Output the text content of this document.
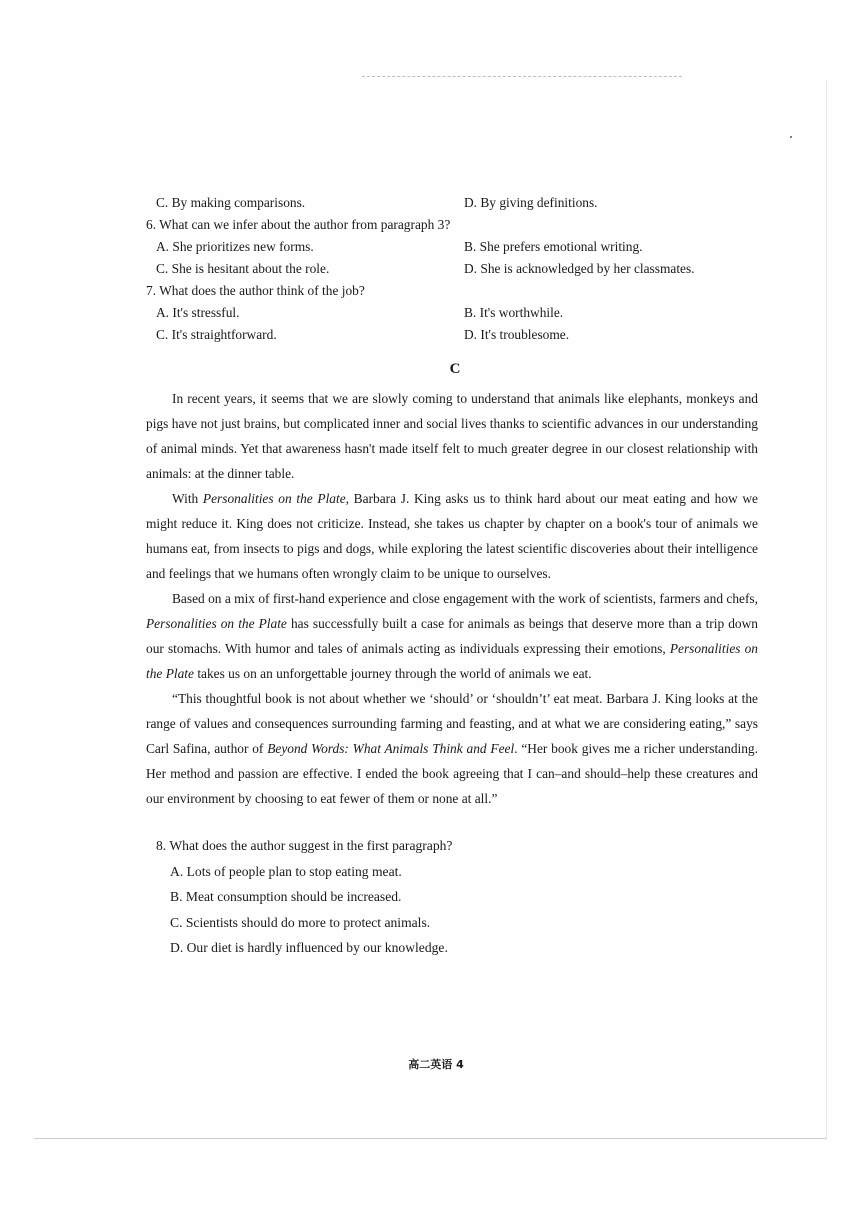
C. By making comparisons.	D. By giving definitions.
6. What can we infer about the author from paragraph 3?
A. She prioritizes new forms.	B. She prefers emotional writing.
C. She is hesitant about the role.	D. She is acknowledged by her classmates.
7. What does the author think of the job?
A. It's stressful.	B. It's worthwhile.
C. It's straightforward.	D. It's troublesome.
C

In recent years, it seems that we are slowly coming to understand that animals like elephants, monkeys and pigs have not just brains, but complicated inner and social lives thanks to scientific advances in our understanding of animal minds. Yet that awareness hasn't made itself felt to much greater degree in our closest relationship with animals: at the dinner table.

With Personalities on the Plate, Barbara J. King asks us to think hard about our meat eating and how we might reduce it. King does not criticize. Instead, she takes us chapter by chapter on a book's tour of animals we humans eat, from insects to pigs and dogs, while exploring the latest scientific discoveries about their intelligence and feelings that we humans often wrongly claim to be unique to ourselves.

Based on a mix of first-hand experience and close engagement with the work of scientists, farmers and chefs, Personalities on the Plate has successfully built a case for animals as beings that deserve more than a trip down our stomachs. With humor and tales of animals acting as individuals expressing their emotions, Personalities on the Plate takes us on an unforgettable journey through the world of animals we eat.

“This thoughtful book is not about whether we ‘should’ or ‘shouldn’t’ eat meat. Barbara J. King looks at the range of values and consequences surrounding farming and feasting, and at what we are considering eating,” says Carl Safina, author of Beyond Words: What Animals Think and Feel. “Her book gives me a richer understanding. Her method and passion are effective. I ended the book agreeing that I can–and should–help these creatures and our environment by choosing to eat fewer of them or none at all.”

8. What does the author suggest in the first paragraph?
A. Lots of people plan to stop eating meat.
B. Meat consumption should be increased.
C. Scientists should do more to protect animals.
D. Our diet is hardly influenced by our knowledge.
高二英语 4
